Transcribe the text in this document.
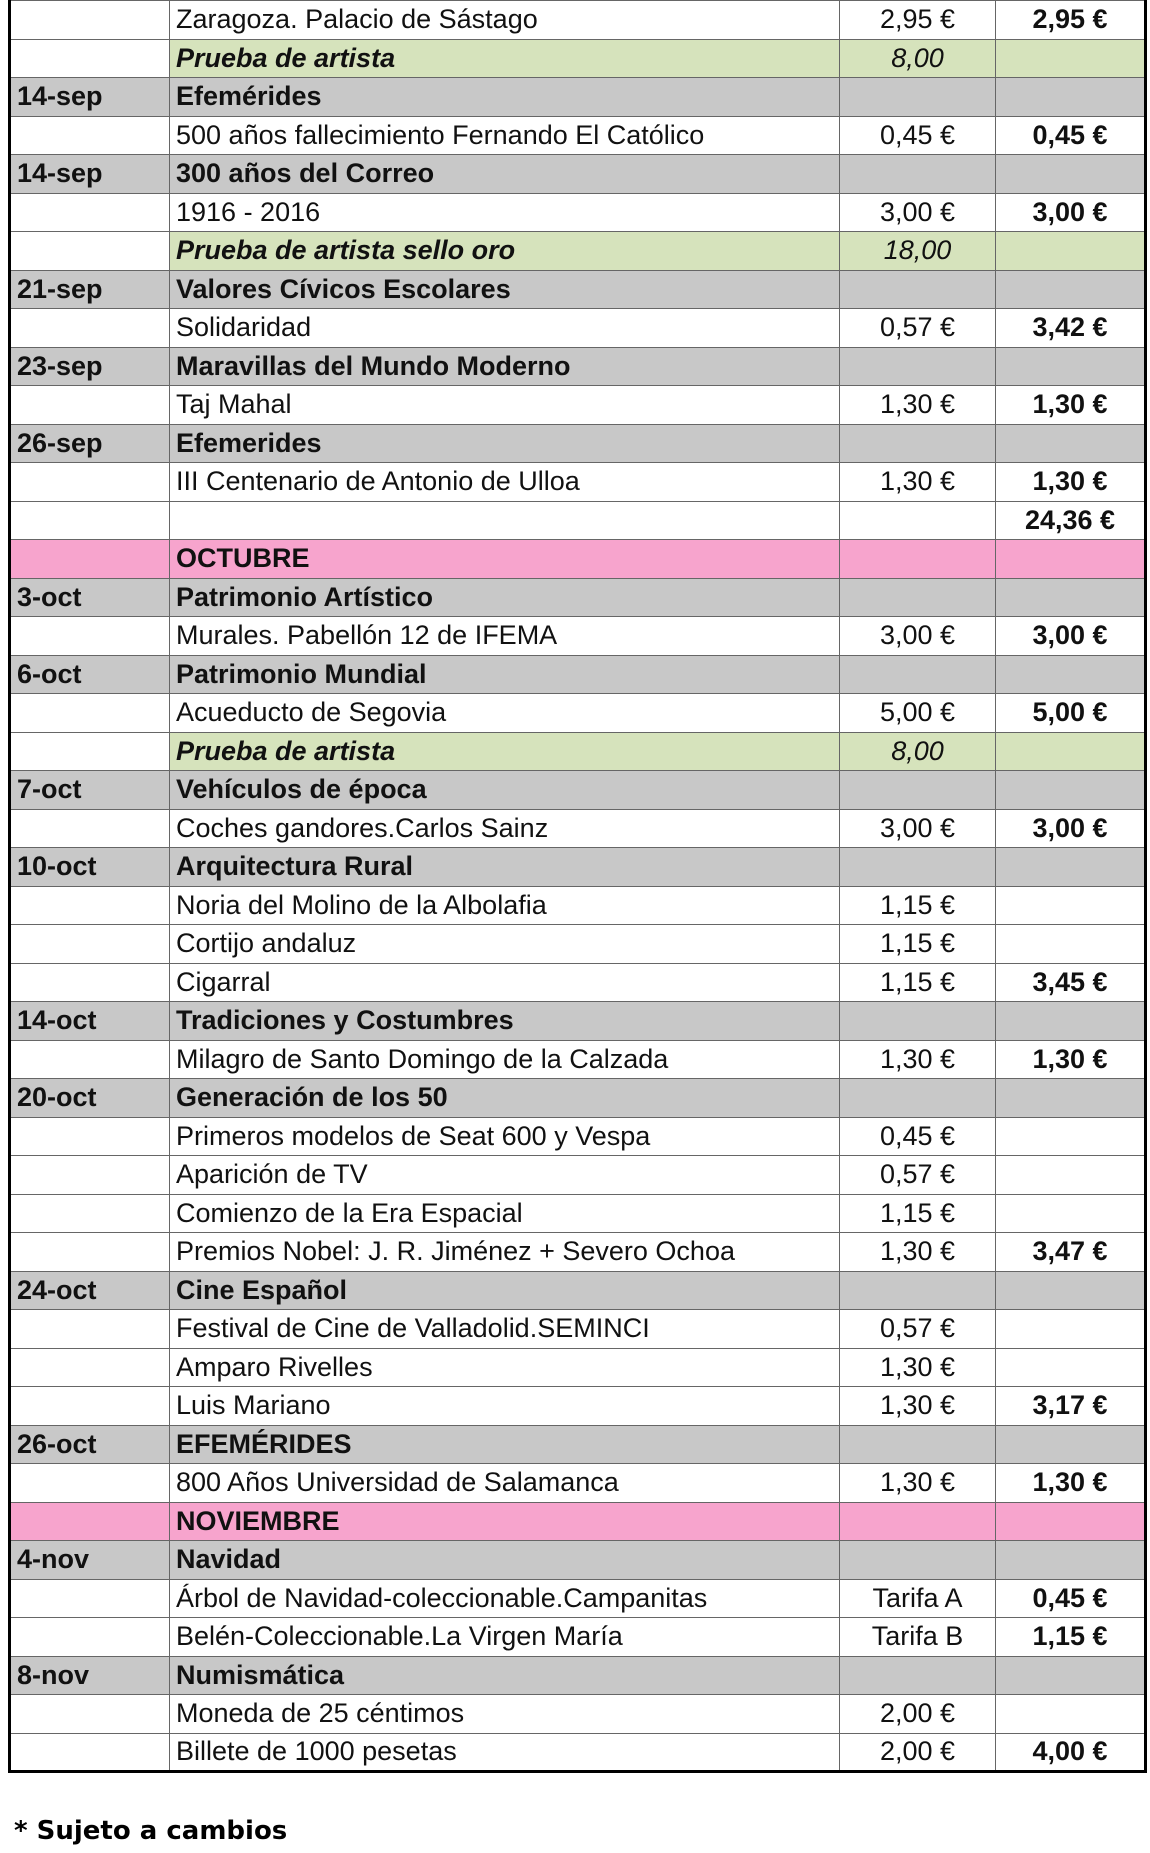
	Zaragoza. Palacio de Sástago	2,95 €	2,95 €
	Prueba de artista	8,00	
14-sep	Efemérides		
	500 años fallecimiento Fernando El Católico	0,45 €	0,45 €
14-sep	300 años del Correo		
	1916 - 2016	3,00 €	3,00 €
	Prueba de artista sello oro	18,00	
21-sep	Valores Cívicos Escolares		
	Solidaridad	0,57 €	3,42 €
23-sep	Maravillas del Mundo Moderno		
	Taj Mahal	1,30 €	1,30 €
26-sep	Efemerides		
	III Centenario de Antonio de Ulloa	1,30 €	1,30 €
			24,36 €
	OCTUBRE		
3-oct	Patrimonio Artístico		
	Murales. Pabellón 12 de IFEMA	3,00 €	3,00 €
6-oct	Patrimonio Mundial		
	Acueducto de Segovia	5,00 €	5,00 €
	Prueba de artista	8,00	
7-oct	Vehículos de época		
	Coches gandores.Carlos Sainz	3,00 €	3,00 €
10-oct	Arquitectura Rural		
	Noria del Molino de la Albolafia	1,15 €	
	Cortijo andaluz	1,15 €	
	Cigarral	1,15 €	3,45 €
14-oct	Tradiciones y Costumbres		
	Milagro de Santo Domingo de la Calzada	1,30 €	1,30 €
20-oct	Generación de los 50		
	Primeros modelos de Seat 600 y Vespa	0,45 €	
	Aparición de TV	0,57 €	
	Comienzo de la Era Espacial	1,15 €	
	Premios Nobel: J. R. Jiménez + Severo Ochoa	1,30 €	3,47 €
24-oct	Cine Español		
	Festival de Cine de Valladolid.SEMINCI	0,57 €	
	Amparo Rivelles	1,30 €	
	Luis Mariano	1,30 €	3,17 €
26-oct	EFEMÉRIDES		
	800 Años Universidad de Salamanca	1,30 €	1,30 €
	NOVIEMBRE		
4-nov	Navidad		
	Árbol de Navidad-coleccionable.Campanitas	Tarifa A	0,45 €
	Belén-Coleccionable.La Virgen María	Tarifa B	1,15 €
8-nov	Numismática		
	Moneda de 25 céntimos	2,00 €	
	Billete de 1000 pesetas	2,00 €	4,00 €
* Sujeto a cambios
